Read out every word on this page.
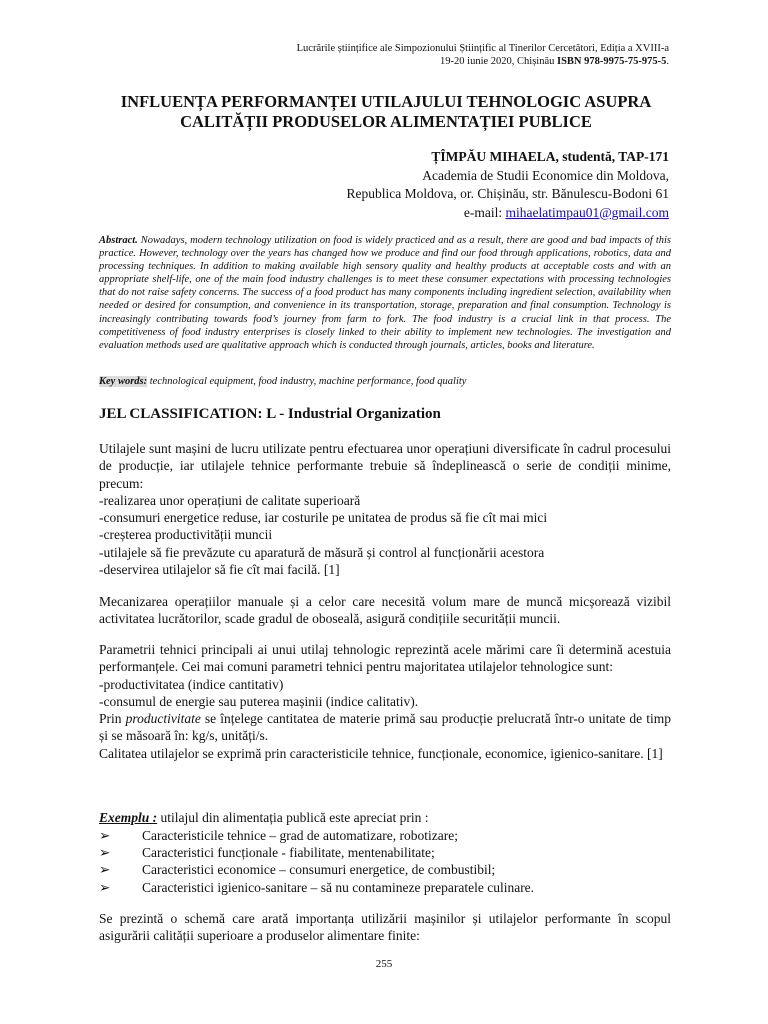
Lucrările științifice ale Simpozionului Științific al Tinerilor Cercetători, Ediția a XVIII-a
19-20 iunie 2020, Chișinău ISBN 978-9975-75-975-5.
INFLUENȚA PERFORMANȚEI UTILAJULUI TEHNOLOGIC ASUPRA
CALITĂȚII PRODUSELOR ALIMENTAȚIEI PUBLICE
ȚÎMPĂU MIHAELA, studentă, TAP-171
Academia de Studii Economice din Moldova,
Republica Moldova, or. Chișinău, str. Bănulescu-Bodoni 61
e-mail: mihaelatimpau01@gmail.com
Abstract. Nowadays, modern technology utilization on food is widely practiced and as a result, there are good and bad impacts of this practice. However, technology over the years has changed how we produce and find our food through applications, robotics, data and processing techniques. In addition to making available high sensory quality and healthy products at acceptable costs and with an appropriate shelf-life, one of the main food industry challenges is to meet these consumer expectations with processing technologies that do not raise safety concerns. The success of a food product has many components including ingredient selection, availability when needed or desired for consumption, and convenience in its transportation, storage, preparation and final consumption. Technology is increasingly contributing towards food’s journey from farm to fork. The food industry is a crucial link in that process. The competitiveness of food industry enterprises is closely linked to their ability to implement new technologies. The investigation and evaluation methods used are qualitative approach which is conducted through journals, articles, books and literature.
Key words: technological equipment, food industry, machine performance, food quality
JEL CLASSIFICATION: L - Industrial Organization

Utilajele sunt mașini de lucru utilizate pentru efectuarea unor operațiuni diversificate în cadrul procesului de producție, iar utilajele tehnice performante trebuie să îndeplinească o serie de condiții minime, precum:

-realizarea unor operațiuni de calitate superioară
-consumuri energetice reduse, iar costurile pe unitatea de produs să fie cît mai mici
-creșterea productivității muncii
-utilajele să fie prevăzute cu aparatură de măsură și control al funcționării acestora
-deservirea utilajelor să fie cît mai facilă. [1]

Mecanizarea operațiilor manuale și a celor care necesită volum mare de muncă micșorează vizibil activitatea lucrătorilor, scade gradul de oboseală, asigură condițiile securității muncii.

Parametrii tehnici principali ai unui utilaj tehnologic reprezintă acele mărimi care îi determină acestuia performanțele. Cei mai comuni parametri tehnici pentru majoritatea utilajelor tehnologice sunt:

-productivitatea (indice cantitativ)
-consumul de energie sau puterea mașinii (indice calitativ).

Prin productivitate se înțelege cantitatea de materie primă sau producție prelucrată într-o unitate de timp și se măsoară în: kg/s, unități/s.

Calitatea utilajelor se exprimă prin caracteristicile tehnice, funcționale, economice, igienico-sanitare. [1]

Exemplu : utilajul din alimentația publică este apreciat prin :

➢	Caracteristicile tehnice – grad de automatizare, robotizare;
➢	Caracteristici funcționale - fiabilitate, mentenabilitate;
➢	Caracteristici economice – consumuri energetice, de combustibil;
➢	Caracteristici igienico-sanitare – să nu contamineze preparatele culinare.

Se prezintă o schemă care arată importanța utilizării mașinilor și utilajelor performante în scopul asigurării calității superioare a produselor alimentare finite:

255
